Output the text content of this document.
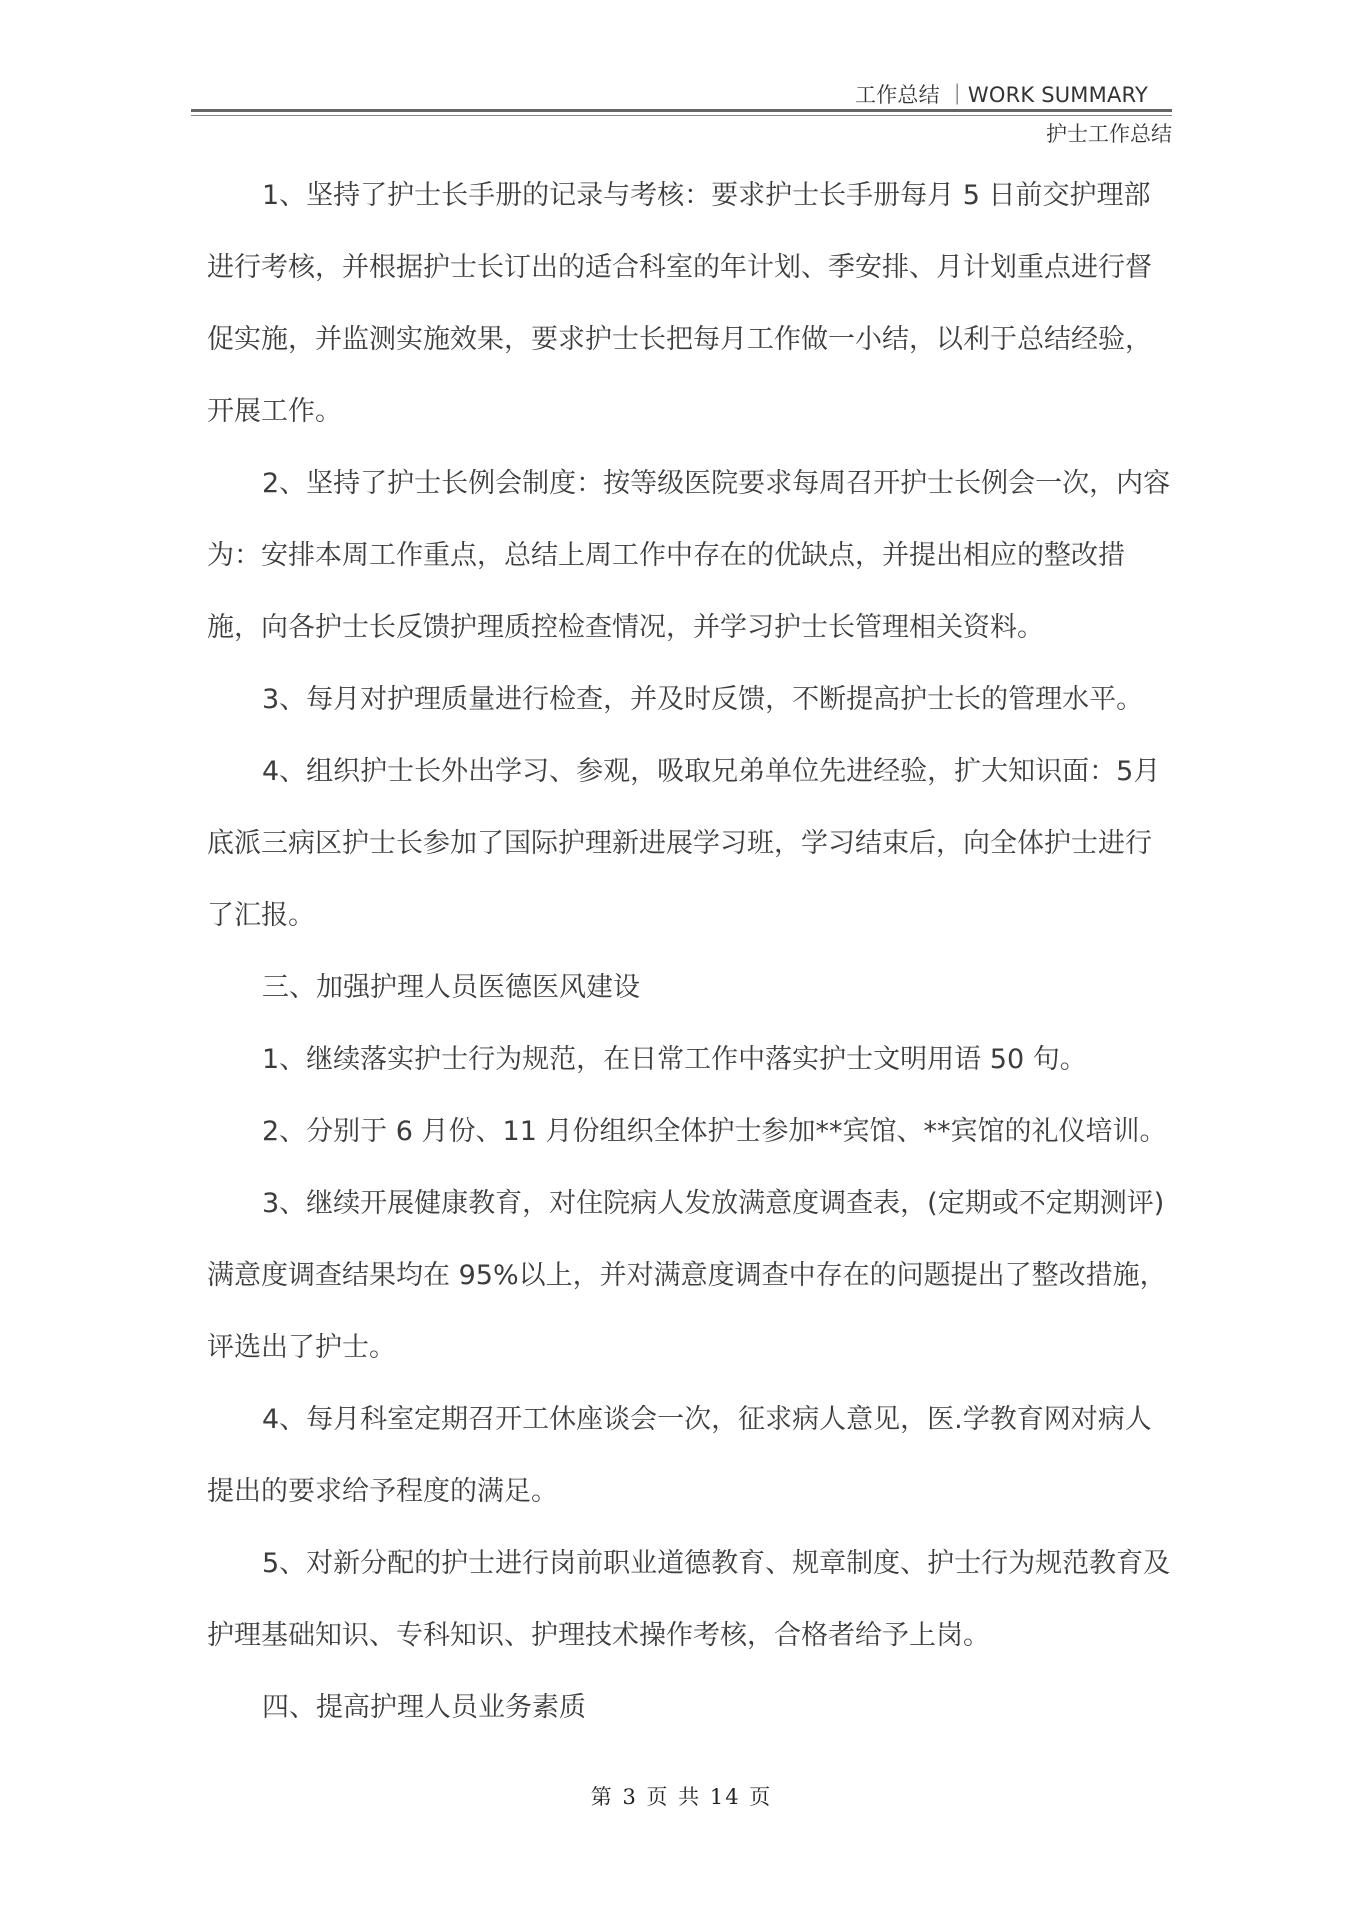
工作总结 ｜WORK SUMMARY
护士工作总结

1、坚持了护士长手册的记录与考核：要求护士长手册每月 5 日前交护理部进行考核，并根据护士长订出的适合科室的年计划、季安排、月计划重点进行督促实施，并监测实施效果，要求护士长把每月工作做一小结，以利于总结经验，开展工作。

2、坚持了护士长例会制度：按等级医院要求每周召开护士长例会一次，内容为：安排本周工作重点，总结上周工作中存在的优缺点，并提出相应的整改措施，向各护士长反馈护理质控检查情况，并学习护士长管理相关资料。

3、每月对护理质量进行检查，并及时反馈，不断提高护士长的管理水平。

4、组织护士长外出学习、参观，吸取兄弟单位先进经验，扩大知识面：5月底派三病区护士长参加了国际护理新进展学习班，学习结束后，向全体护士进行了汇报。

三、加强护理人员医德医风建设

1、继续落实护士行为规范，在日常工作中落实护士文明用语 50 句。

2、分别于 6 月份、11 月份组织全体护士参加**宾馆、**宾馆的礼仪培训。

3、继续开展健康教育，对住院病人发放满意度调查表，(定期或不定期测评)满意度调查结果均在 95%以上，并对满意度调查中存在的问题提出了整改措施，评选出了护士。

4、每月科室定期召开工休座谈会一次，征求病人意见，医.学教育网对病人提出的要求给予程度的满足。

5、对新分配的护士进行岗前职业道德教育、规章制度、护士行为规范教育及护理基础知识、专科知识、护理技术操作考核，合格者给予上岗。

四、提高护理人员业务素质

第 3 页 共 14 页
